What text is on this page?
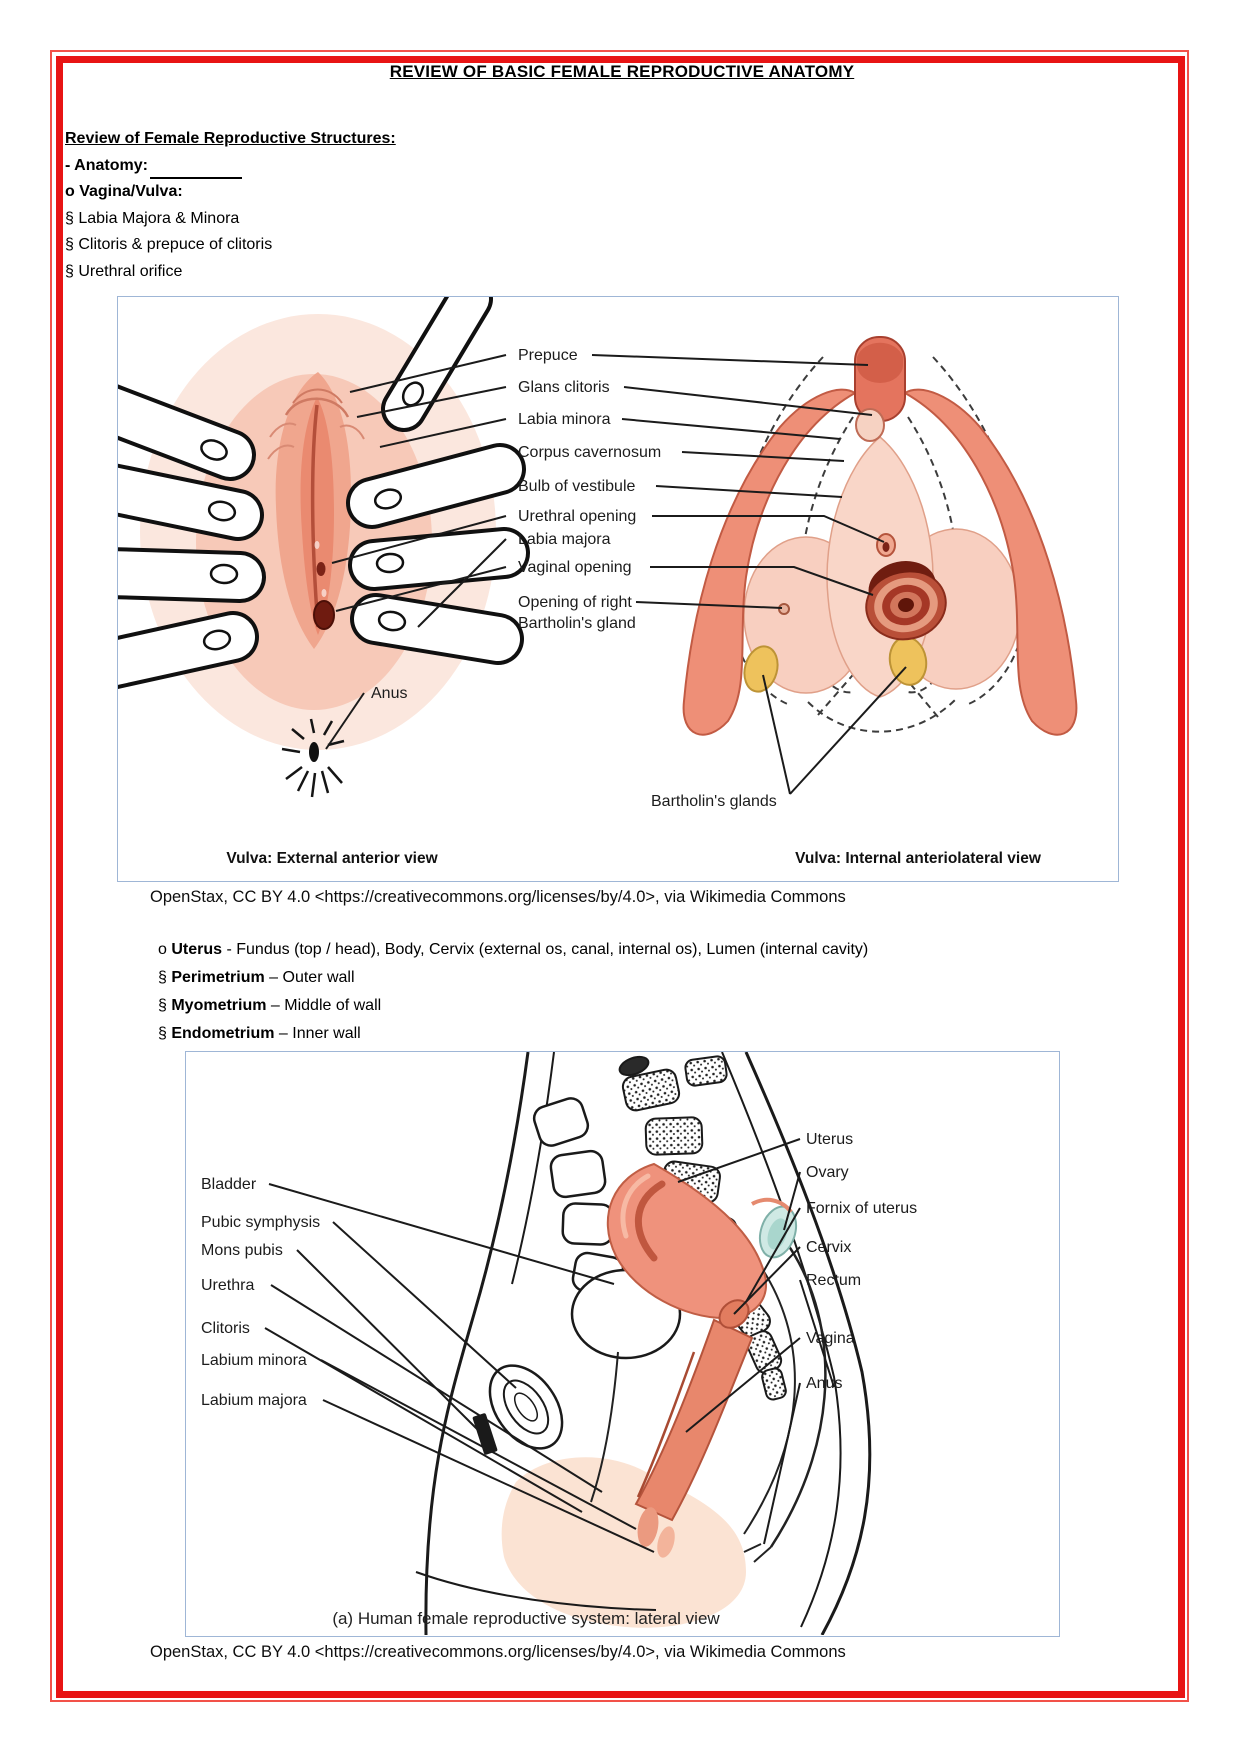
REVIEW OF BASIC FEMALE REPRODUCTIVE ANATOMY
Review of Female Reproductive Structures:
- Anatomy:
o Vagina/Vulva:
§ Labia Majora & Minora
§ Clitoris & prepuce of clitoris
§ Urethral orifice
Prepuce
Glans clitoris
Labia minora
Corpus cavernosum
Bulb of vestibule
Urethral opening
Labia majora
Vaginal opening
Opening of right
Bartholin's gland
Anus
Bartholin's glands
Vulva: External anterior view	Vulva: Internal anteriolateral view
OpenStax, CC BY 4.0 <https://creativecommons.org/licenses/by/4.0>, via Wikimedia Commons
o Uterus - Fundus (top / head), Body, Cervix (external os, canal, internal os), Lumen (internal cavity)
§ Perimetrium – Outer wall
§ Myometrium – Middle of wall
§ Endometrium – Inner wall
Bladder
Pubic symphysis
Mons pubis
Urethra
Clitoris
Labium minora
Labium majora
Uterus
Ovary
Fornix of uterus
Cervix
Rectum
Vagina
Anus
(a) Human female reproductive system: lateral view
OpenStax, CC BY 4.0 <https://creativecommons.org/licenses/by/4.0>, via Wikimedia Commons
